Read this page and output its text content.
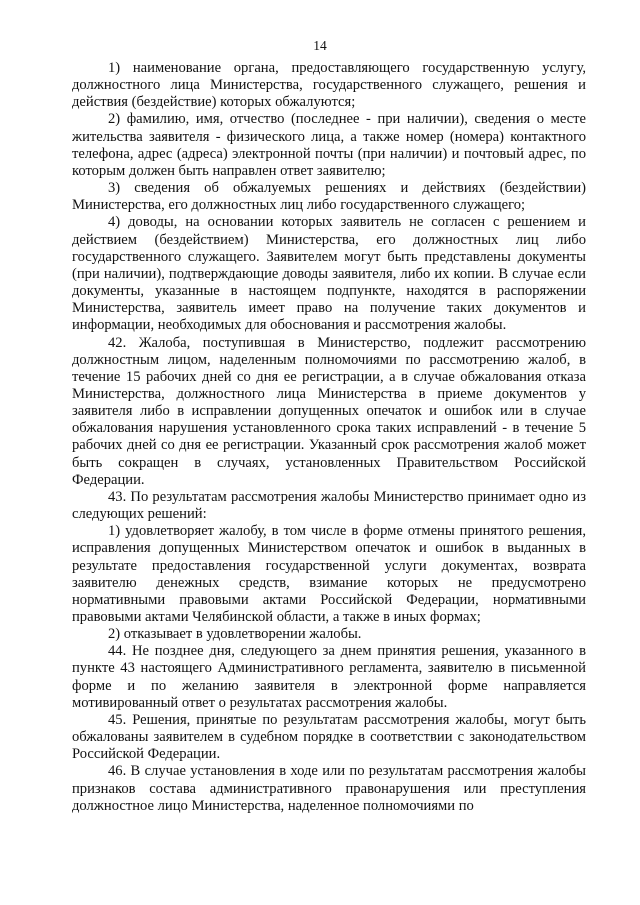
14

1) наименование органа, предоставляющего государственную услугу, должностного лица Министерства, государственного служащего, решения и действия (бездействие) которых обжалуются;

2) фамилию, имя, отчество (последнее - при наличии), сведения о месте жительства заявителя - физического лица, а также номер (номера) контактного телефона, адрес (адреса) электронной почты (при наличии) и почтовый адрес, по которым должен быть направлен ответ заявителю;

3) сведения об обжалуемых решениях и действиях (бездействии) Министерства, его должностных лиц либо государственного служащего;

4) доводы, на основании которых заявитель не согласен с решением и действием (бездействием) Министерства, его должностных лиц либо государственного служащего. Заявителем могут быть представлены документы (при наличии), подтверждающие доводы заявителя, либо их копии. В случае если документы, указанные в настоящем подпункте, находятся в распоряжении Министерства, заявитель имеет право на получение таких документов и информации, необходимых для обоснования и рассмотрения жалобы.

42. Жалоба, поступившая в Министерство, подлежит рассмотрению должностным лицом, наделенным полномочиями по рассмотрению жалоб, в течение 15 рабочих дней со дня ее регистрации, а в случае обжалования отказа Министерства, должностного лица Министерства в приеме документов у заявителя либо в исправлении допущенных опечаток и ошибок или в случае обжалования нарушения установленного срока таких исправлений - в течение 5 рабочих дней со дня ее регистрации. Указанный срок рассмотрения жалоб может быть сокращен в случаях, установленных Правительством Российской Федерации.

43. По результатам рассмотрения жалобы Министерство принимает одно из следующих решений:

1) удовлетворяет жалобу, в том числе в форме отмены принятого решения, исправления допущенных Министерством опечаток и ошибок в выданных в результате предоставления государственной услуги документах, возврата заявителю денежных средств, взимание которых не предусмотрено нормативными правовыми актами Российской Федерации, нормативными правовыми актами Челябинской области, а также в иных формах;

2) отказывает в удовлетворении жалобы.

44. Не позднее дня, следующего за днем принятия решения, указанного в пункте 43 настоящего Административного регламента, заявителю в письменной форме и по желанию заявителя в электронной форме направляется мотивированный ответ о результатах рассмотрения жалобы.

45. Решения, принятые по результатам рассмотрения жалобы, могут быть обжалованы заявителем в судебном порядке в соответствии с законодательством Российской Федерации.

46. В случае установления в ходе или по результатам рассмотрения жалобы признаков состава административного правонарушения или преступления должностное лицо Министерства, наделенное полномочиями по
